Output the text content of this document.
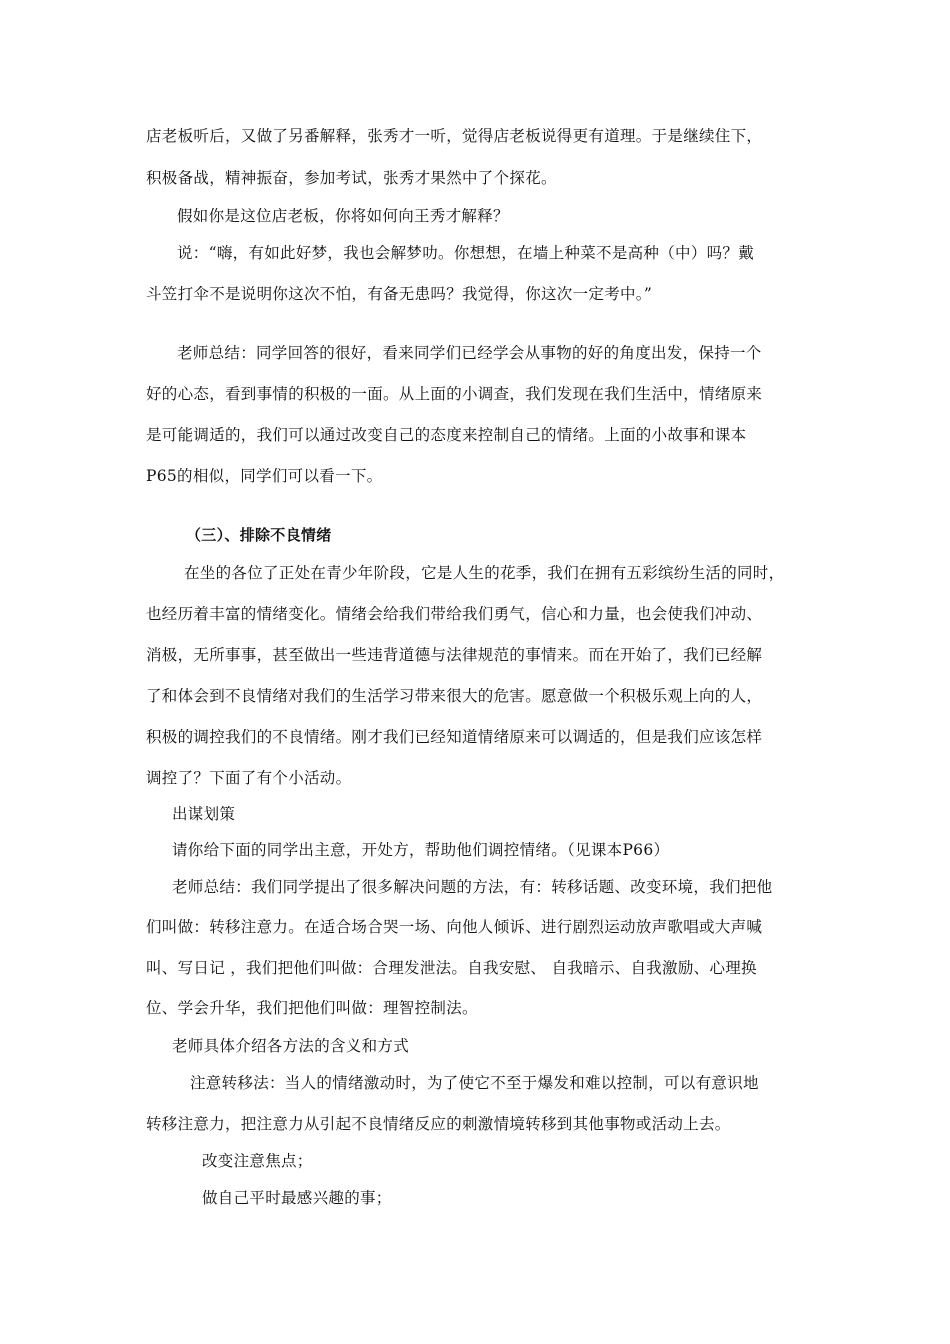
店老板听后，又做了另番解释，张秀才一听，觉得店老板说得更有道理。于是继续住下，
积极备战，精神振奋，参加考试，张秀才果然中了个探花。
假如你是这位店老板，你将如何向王秀才解释？
说：“嗨，有如此好梦，我也会解梦叻。你想想，在墙上种菜不是高种（中）吗？戴
斗笠打伞不是说明你这次不怕，有备无患吗？我觉得，你这次一定考中。”
老师总结：同学回答的很好，看来同学们已经学会从事物的好的角度出发，保持一个
好的心态，看到事情的积极的一面。从上面的小调查，我们发现在我们生活中，情绪原来
是可能调适的，我们可以通过改变自己的态度来控制自己的情绪。上面的小故事和课本
P65的相似，同学们可以看一下。
（三）、排除不良情绪
在坐的各位了正处在青少年阶段，它是人生的花季，我们在拥有五彩缤纷生活的同时，
也经历着丰富的情绪变化。情绪会给我们带给我们勇气，信心和力量，也会使我们冲动、
消极，无所事事，甚至做出一些违背道德与法律规范的事情来。而在开始了，我们已经解
了和体会到不良情绪对我们的生活学习带来很大的危害。愿意做一个积极乐观上向的人，
积极的调控我们的不良情绪。刚才我们已经知道情绪原来可以调适的，但是我们应该怎样
调控了？下面了有个小活动。
出谋划策
请你给下面的同学出主意，开处方，帮助他们调控情绪。（见课本P66）
老师总结：我们同学提出了很多解决问题的方法，有：转移话题、改变环境，我们把他
们叫做：转移注意力。在适合场合哭一场、向他人倾诉、进行剧烈运动放声歌唱或大声喊
叫、写日记 ，我们把他们叫做：合理发泄法。自我安慰、 自我暗示、自我激励、心理换
位、学会升华，我们把他们叫做：理智控制法。
老师具体介绍各方法的含义和方式
注意转移法：当人的情绪激动时，为了使它不至于爆发和难以控制，可以有意识地
转移注意力，把注意力从引起不良情绪反应的刺激情境转移到其他事物或活动上去。
改变注意焦点；
做自己平时最感兴趣的事；
